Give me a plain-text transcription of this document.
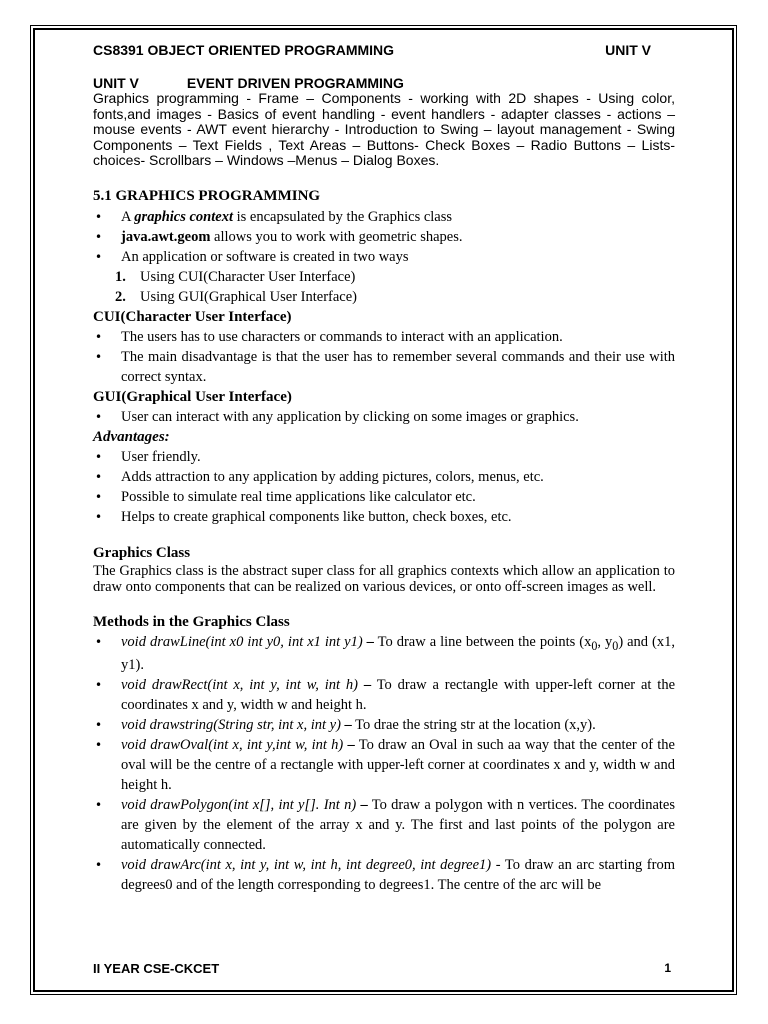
CS8391 OBJECT ORIENTED PROGRAMMING	UNIT V
UNIT V	EVENT DRIVEN PROGRAMMING

Graphics programming - Frame – Components - working with 2D shapes - Using color, fonts,and images - Basics of event handling - event handlers - adapter classes - actions – mouse events - AWT event hierarchy - Introduction to Swing – layout management - Swing Components – Text Fields , Text Areas – Buttons- Check Boxes – Radio Buttons – Lists- choices- Scrollbars – Windows –Menus – Dialog Boxes.

5.1 GRAPHICS PROGRAMMING
• A graphics context is encapsulated by the Graphics class
• java.awt.geom allows you to work with geometric shapes.
• An application or software is created in two ways
1. Using CUI(Character User Interface)
2. Using GUI(Graphical User Interface)
CUI(Character User Interface)
• The users has to use characters or commands to interact with an application.
• The main disadvantage is that the user has to remember several commands and their use with correct syntax.
GUI(Graphical User Interface)
• User can interact with any application by clicking on some images or graphics.

Advantages:

• User friendly.
• Adds attraction to any application by adding pictures, colors, menus, etc.
• Possible to simulate real time applications like calculator etc.
• Helps to create graphical components like button, check boxes, etc.
Graphics Class

The Graphics class is the abstract super class for all graphics contexts which allow an application to draw onto components that can be realized on various devices, or onto off-screen images as well.

Methods in the Graphics Class
• void drawLine(int x0 int y0, int x1 int y1) – To draw a line between the points ($x_0$, $y_0$) and (x1, y1).
• void drawRect(int x, int y, int w, int h) – To draw a rectangle with upper-left corner at the coordinates x and y, width w and height h.
• void drawstring(String str, int x, int y) – To drae the string str at the location (x,y).
• void drawOval(int x, int y,int w, int h) – To draw an Oval in such aa way that the center of the oval will be the centre of a rectangle with upper-left corner at coordinates x and y, width w and height h.
• void drawPolygon(int x[], int y[]. Int n) – To draw a polygon with n vertices. The coordinates are given by the element of the array x and y. The first and last points of the polygon are automatically connected.
• void drawArc(int x, int y, int w, int h, int degree0, int degree1) - To draw an arc starting from degrees0 and of the length corresponding to degrees1. The centre of the arc will be
II YEAR CSE-CKCET	1
